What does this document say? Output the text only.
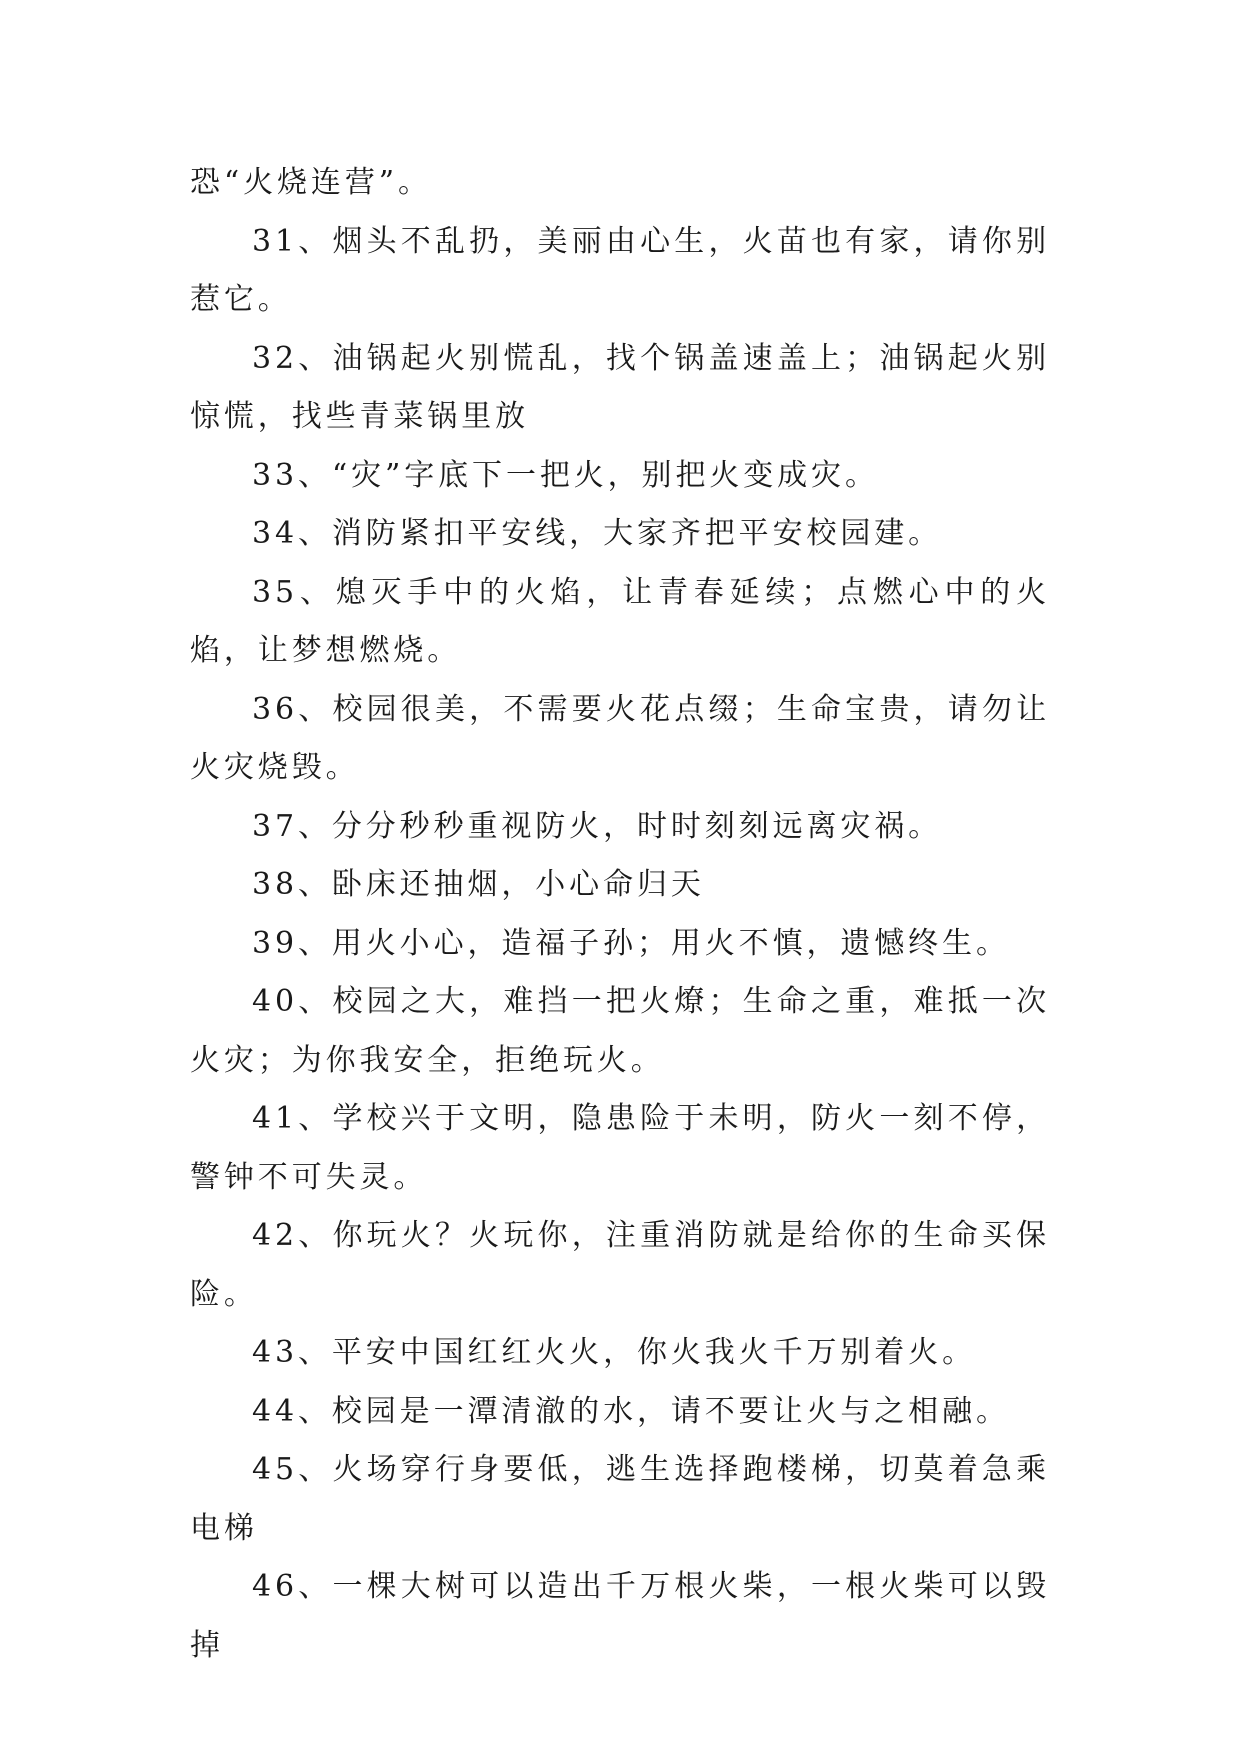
恐“火烧连营”。

31、烟头不乱扔，美丽由心生，火苗也有家，请你别惹它。

32、油锅起火别慌乱，找个锅盖速盖上；油锅起火别惊慌，找些青菜锅里放

33、“灾”字底下一把火，别把火变成灾。

34、消防紧扣平安线，大家齐把平安校园建。

35、熄灭手中的火焰，让青春延续；点燃心中的火焰，让梦想燃烧。

36、校园很美，不需要火花点缀；生命宝贵，请勿让火灾烧毁。

37、分分秒秒重视防火，时时刻刻远离灾祸。

38、卧床还抽烟，小心命归天

39、用火小心，造福子孙；用火不慎，遗憾终生。

40、校园之大，难挡一把火燎；生命之重，难抵一次火灾；为你我安全，拒绝玩火。

41、学校兴于文明，隐患险于未明，防火一刻不停，警钟不可失灵。

42、你玩火？火玩你，注重消防就是给你的生命买保险。

43、平安中国红红火火，你火我火千万别着火。

44、校园是一潭清澈的水，请不要让火与之相融。

45、火场穿行身要低，逃生选择跑楼梯，切莫着急乘电梯

46、一棵大树可以造出千万根火柴，一根火柴可以毁掉
